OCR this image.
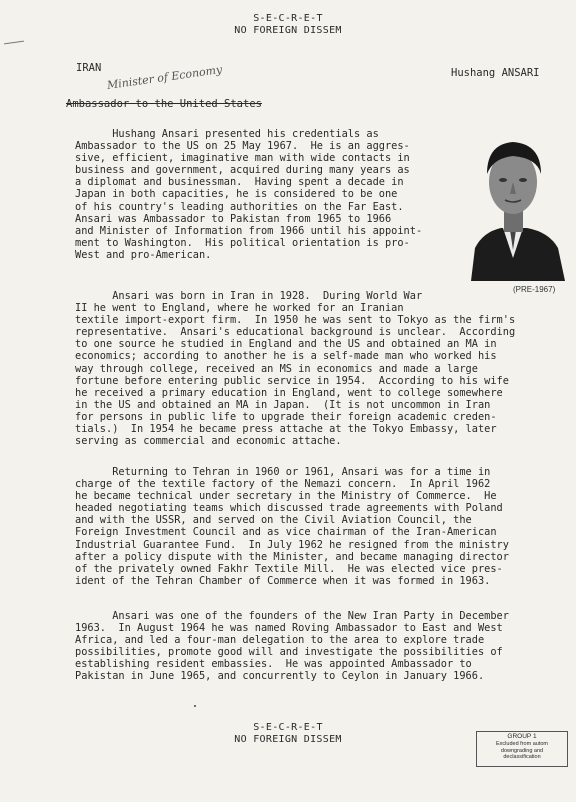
S-E-C-R-E-T
NO FOREIGN DISSEM
IRAN	Hushang ANSARI
Minister of Economy
Ambassador to the United States
Hushang Ansari presented his credentials as
Ambassador to the US on 25 May 1967.  He is an aggres-
sive, efficient, imaginative man with wide contacts in
business and government, acquired during many years as
a diplomat and businessman.  Having spent a decade in
Japan in both capacities, he is considered to be one
of his country's leading authorities on the Far East.
Ansari was Ambassador to Pakistan from 1965 to 1966
and Minister of Information from 1966 until his appoint-
ment to Washington.  His political orientation is pro-
West and pro-American.
Ansari was born in Iran in 1928.  During World War
II he went to England, where he worked for an Iranian
textile import-export firm.  In 1950 he was sent to Tokyo as the firm's
representative.  Ansari's educational background is unclear.  According
to one source he studied in England and the US and obtained an MA in
economics; according to another he is a self-made man who worked his
way through college, received an MS in economics and made a large
fortune before entering public service in 1954.  According to his wife
he received a primary education in England, went to college somewhere
in the US and obtained an MA in Japan.  (It is not uncommon in Iran
for persons in public life to upgrade their foreign academic creden-
tials.)  In 1954 he became press attache at the Tokyo Embassy, later
serving as commercial and economic attache.
Returning to Tehran in 1960 or 1961, Ansari was for a time in
charge of the textile factory of the Nemazi concern.  In April 1962
he became technical under secretary in the Ministry of Commerce.  He
headed negotiating teams which discussed trade agreements with Poland
and with the USSR, and served on the Civil Aviation Council, the
Foreign Investment Council and as vice chairman of the Iran-American
Industrial Guarantee Fund.  In July 1962 he resigned from the ministry
after a policy dispute with the Minister, and became managing director
of the privately owned Fakhr Textile Mill.  He was elected vice pres-
ident of the Tehran Chamber of Commerce when it was formed in 1963.
Ansari was one of the founders of the New Iran Party in December
1963.  In August 1964 he was named Roving Ambassador to East and West
Africa, and led a four-man delegation to the area to explore trade
possibilities, promote good will and investigate the possibilities of
establishing resident embassies.  He was appointed Ambassador to
Pakistan in June 1965, and concurrently to Ceylon in January 1966.
(PRE-1967)
S-E-C-R-E-T
NO FOREIGN DISSEM	GROUP 1
Excluded from autom
downgrading and
declassification
